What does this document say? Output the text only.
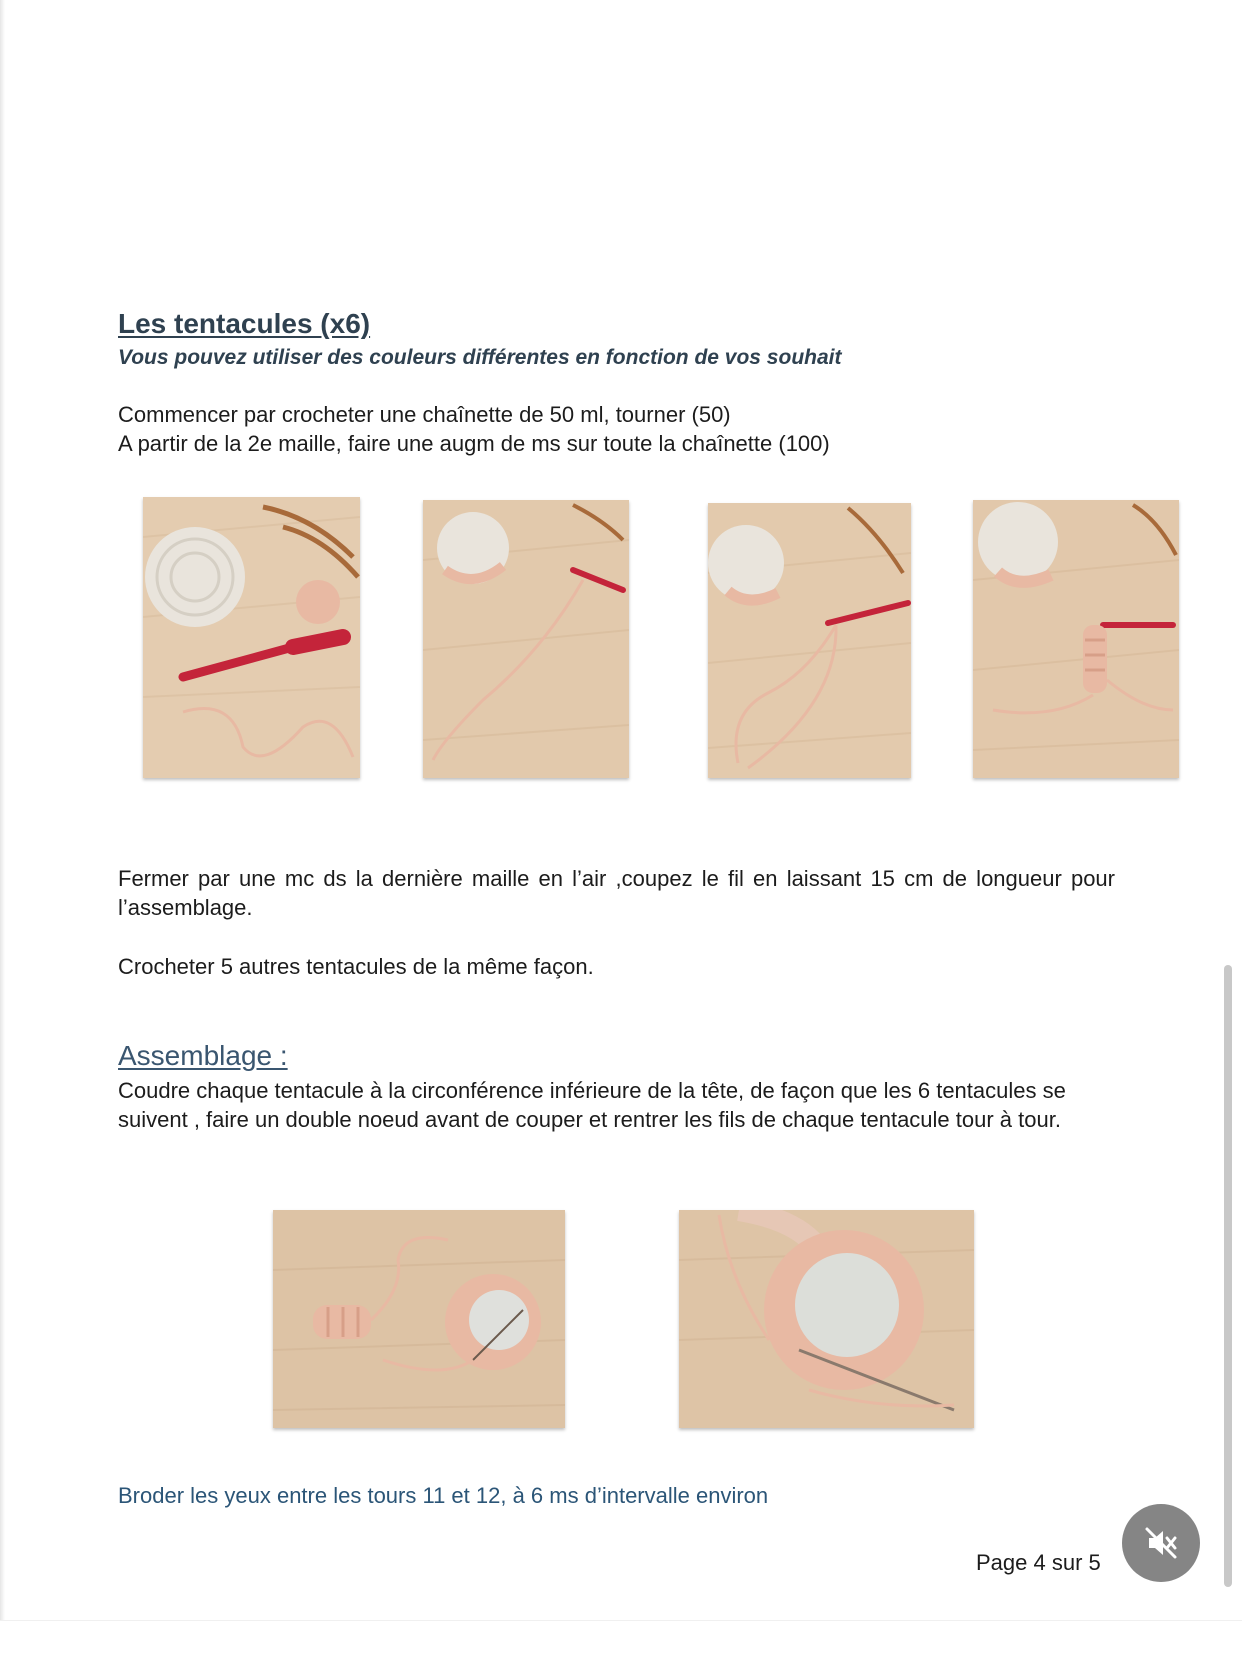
Les tentacules (x6)
Vous pouvez utiliser des couleurs différentes en fonction de vos souhait
Commencer par crocheter une chaînette de 50 ml, tourner (50)
A partir de la 2e maille, faire une augm de ms sur toute la chaînette (100)
Fermer par une mc ds la dernière maille en l’air ,coupez le fil en laissant 15 cm de longueur pour l’assemblage.
Crocheter 5 autres tentacules de la même façon.
Assemblage :
Coudre chaque tentacule à la circonférence inférieure de la tête, de façon que les 6 tentacules se suivent , faire un double noeud avant de couper et rentrer les fils de chaque tentacule tour à tour.
Broder les yeux entre les tours 11 et 12, à 6 ms d’intervalle environ
Page 4 sur 5
